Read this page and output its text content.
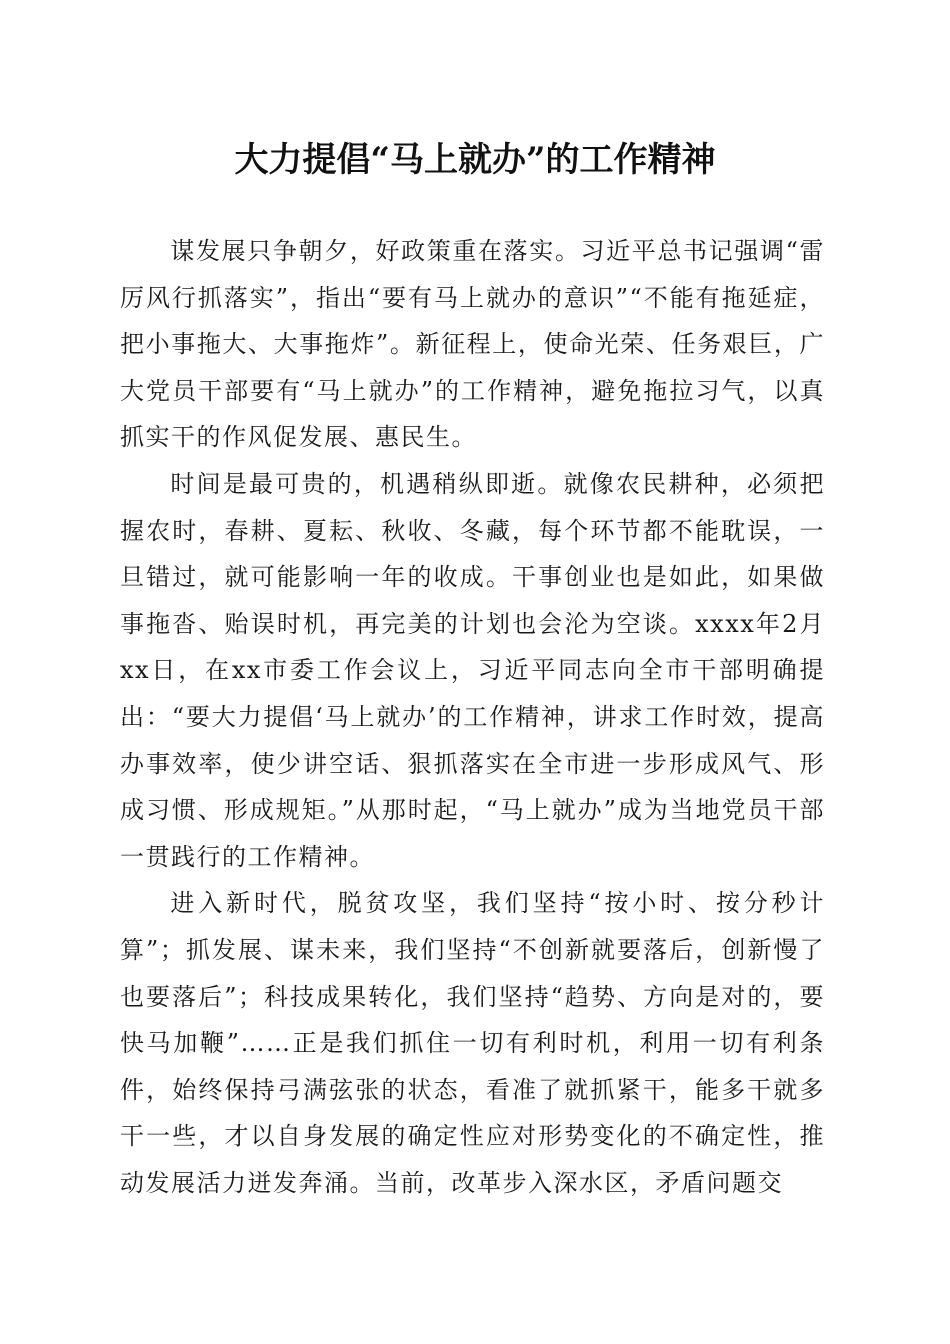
大力提倡“马上就办”的工作精神

谋发展只争朝夕，好政策重在落实。习近平总书记强调“雷厉风行抓落实”，指出“要有马上就办的意识”“不能有拖延症，把小事拖大、大事拖炸”。新征程上，使命光荣、任务艰巨，广大党员干部要有“马上就办”的工作精神，避免拖拉习气，以真抓实干的作风促发展、惠民生。

时间是最可贵的，机遇稍纵即逝。就像农民耕种，必须把握农时，春耕、夏耘、秋收、冬藏，每个环节都不能耽误，一旦错过，就可能影响一年的收成。干事创业也是如此，如果做事拖沓、贻误时机，再完美的计划也会沦为空谈。xxxx年2月xx日，在xx市委工作会议上，习近平同志向全市干部明确提出：“要大力提倡‘马上就办’的工作精神，讲求工作时效，提高办事效率，使少讲空话、狠抓落实在全市进一步形成风气、形成习惯、形成规矩。”从那时起，“马上就办”成为当地党员干部一贯践行的工作精神。

进入新时代，脱贫攻坚，我们坚持“按小时、按分秒计算”；抓发展、谋未来，我们坚持“不创新就要落后，创新慢了也要落后”；科技成果转化，我们坚持“趋势、方向是对的，要快马加鞭”……正是我们抓住一切有利时机，利用一切有利条件，始终保持弓满弦张的状态，看准了就抓紧干，能多干就多干一些，才以自身发展的确定性应对形势变化的不确定性，推动发展活力迸发奔涌。当前，改革步入深水区，矛盾问题交
